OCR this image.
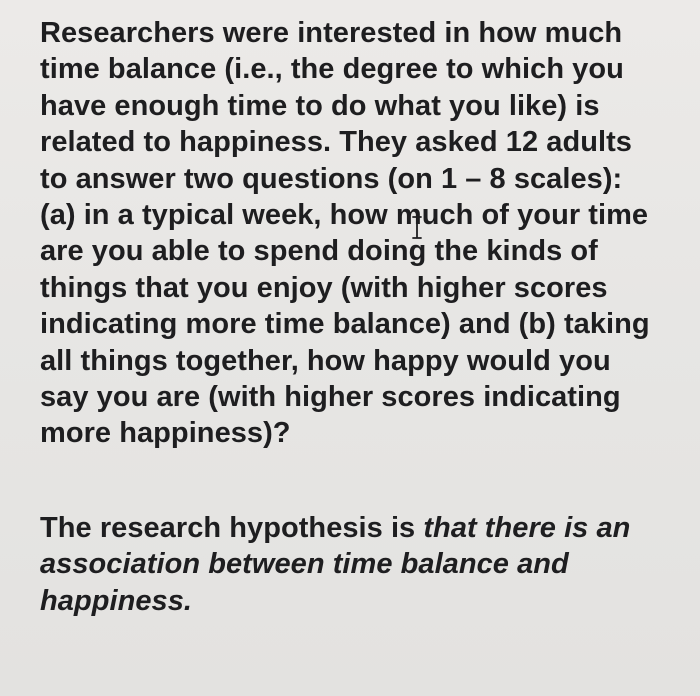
Researchers were interested in how much
time balance (i.e., the degree to which you
have enough time to do what you like) is
related to happiness. They asked 12 adults
to answer two questions (on 1 – 8 scales):
(a) in a typical week, how much of your time
are you able to spend doing the kinds of
things that you enjoy (with higher scores
indicating more time balance) and (b) taking
all things together, how happy would you
say you are (with higher scores indicating
more happiness)?
The research hypothesis is that there is an
association between time balance and
happiness.
